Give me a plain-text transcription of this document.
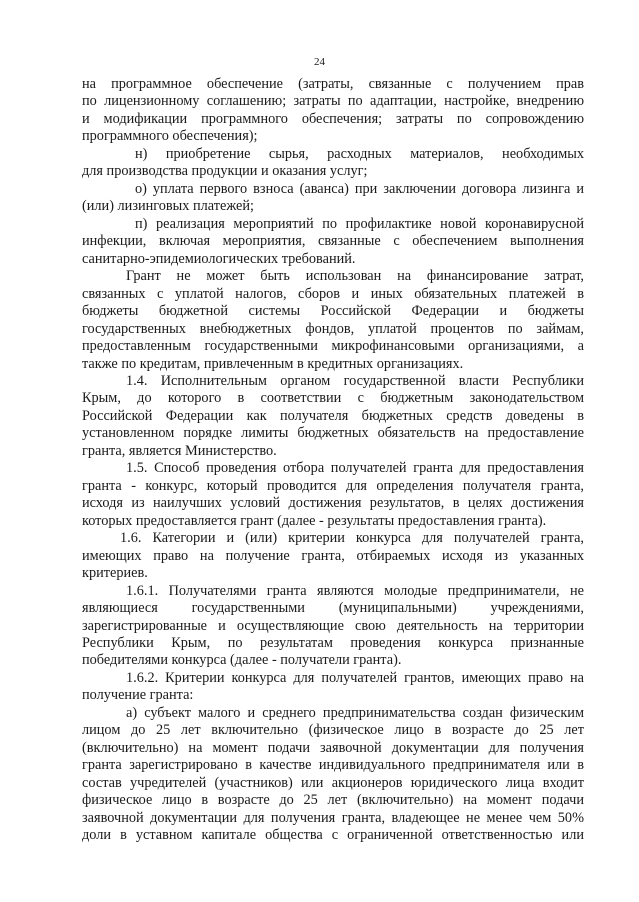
24
на программное обеспечение (затраты, связанные с получением прав
по лицензионному соглашению; затраты по адаптации, настройке, внедрению
и модификации программного обеспечения; затраты по сопровождению
программного обеспечения);
н) приобретение сырья, расходных материалов, необходимых
для производства продукции и оказания услуг;
о) уплата первого взноса (аванса) при заключении договора лизинга и
(или) лизинговых платежей;
п) реализация мероприятий по профилактике новой коронавирусной
инфекции, включая мероприятия, связанные с обеспечением выполнения
санитарно-эпидемиологических требований.
Грант не может быть использован на финансирование затрат,
связанных с уплатой налогов, сборов и иных обязательных платежей в
бюджеты бюджетной системы Российской Федерации и бюджеты
государственных внебюджетных фондов, уплатой процентов по займам,
предоставленным государственными микрофинансовыми организациями, а
также по кредитам, привлеченным в кредитных организациях.
1.4. Исполнительным органом государственной власти Республики
Крым, до которого в соответствии с бюджетным законодательством
Российской Федерации как получателя бюджетных средств доведены в
установленном порядке лимиты бюджетных обязательств на предоставление
гранта, является Министерство.
1.5. Способ проведения отбора получателей гранта для предоставления
гранта - конкурс, который проводится для определения получателя гранта,
исходя из наилучших условий достижения результатов, в целях достижения
которых предоставляется грант (далее - результаты предоставления гранта).
1.6. Категории и (или) критерии конкурса для получателей гранта,
имеющих право на получение гранта, отбираемых исходя из указанных
критериев.
1.6.1. Получателями гранта являются молодые предприниматели, не
являющиеся государственными (муниципальными) учреждениями,
зарегистрированные и осуществляющие свою деятельность на территории
Республики Крым, по результатам проведения конкурса признанные
победителями конкурса (далее - получатели гранта).
1.6.2. Критерии конкурса для получателей грантов, имеющих право на
получение гранта:
а) субъект малого и среднего предпринимательства создан физическим
лицом до 25 лет включительно (физическое лицо в возрасте до 25 лет
(включительно) на момент подачи заявочной документации для получения
гранта зарегистрировано в качестве индивидуального предпринимателя или в
состав учредителей (участников) или акционеров юридического лица входит
физическое лицо в возрасте до 25 лет (включительно) на момент подачи
заявочной документации для получения гранта, владеющее не менее чем 50%
доли в уставном капитале общества с ограниченной ответственностью или
